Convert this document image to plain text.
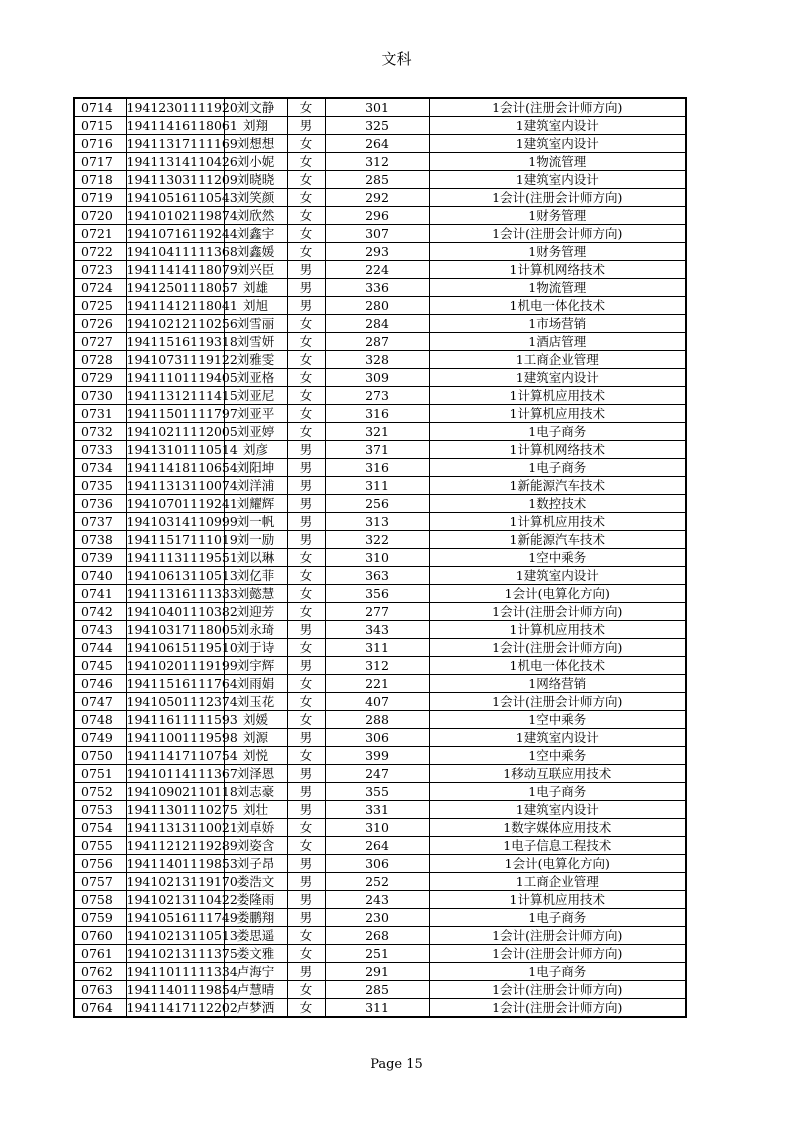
文科
0714	19412301111920	刘文静	女	301	1会计(注册会计师方向)
0715	19411416118061	刘翔	男	325	1建筑室内设计
0716	19411317111169	刘想想	女	264	1建筑室内设计
0717	19411314110426	刘小妮	女	312	1物流管理
0718	19411303111209	刘晓晓	女	285	1建筑室内设计
0719	19410516110543	刘笑颜	女	292	1会计(注册会计师方向)
0720	19410102119874	刘欣然	女	296	1财务管理
0721	19410716119244	刘鑫宇	女	307	1会计(注册会计师方向)
0722	19410411111368	刘鑫媛	女	293	1财务管理
0723	19411414118079	刘兴臣	男	224	1计算机网络技术
0724	19412501118057	刘雄	男	336	1物流管理
0725	19411412118041	刘旭	男	280	1机电一体化技术
0726	19410212110256	刘雪丽	女	284	1市场营销
0727	19411516119318	刘雪妍	女	287	1酒店管理
0728	19410731119122	刘雅雯	女	328	1工商企业管理
0729	19411101119405	刘亚格	女	309	1建筑室内设计
0730	19411312111415	刘亚尼	女	273	1计算机应用技术
0731	19411501111797	刘亚平	女	316	1计算机应用技术
0732	19410211112005	刘亚婷	女	321	1电子商务
0733	19413101110514	刘彦	男	371	1计算机网络技术
0734	19411418110654	刘阳坤	男	316	1电子商务
0735	19411313110074	刘洋浦	男	311	1新能源汽车技术
0736	19410701119241	刘耀辉	男	256	1数控技术
0737	19410314110999	刘一帆	男	313	1计算机应用技术
0738	19411517111019	刘一励	男	322	1新能源汽车技术
0739	19411131119551	刘以琳	女	310	1空中乘务
0740	19410613110513	刘亿菲	女	363	1建筑室内设计
0741	19411316111333	刘懿慧	女	356	1会计(电算化方向)
0742	19410401110382	刘迎芳	女	277	1会计(注册会计师方向)
0743	19410317118005	刘永琦	男	343	1计算机应用技术
0744	19410615119510	刘于诗	女	311	1会计(注册会计师方向)
0745	19410201119199	刘宇辉	男	312	1机电一体化技术
0746	19411516111764	刘雨娟	女	221	1网络营销
0747	19410501112374	刘玉花	女	407	1会计(注册会计师方向)
0748	19411611111593	刘媛	女	288	1空中乘务
0749	19411001119598	刘源	男	306	1建筑室内设计
0750	19411417110754	刘悦	女	399	1空中乘务
0751	19410114111367	刘泽恩	男	247	1移动互联应用技术
0752	19410902110118	刘志豪	男	355	1电子商务
0753	19411301110275	刘壮	男	331	1建筑室内设计
0754	19411313110021	刘卓娇	女	310	1数字媒体应用技术
0755	19411212119289	刘姿含	女	264	1电子信息工程技术
0756	19411401119853	刘子昂	男	306	1会计(电算化方向)
0757	19410213119170	娄浩文	男	252	1工商企业管理
0758	19410213110422	娄隆雨	男	243	1计算机应用技术
0759	19410516111749	娄鹏翔	男	230	1电子商务
0760	19410213110513	娄思遥	女	268	1会计(注册会计师方向)
0761	19410213111375	娄文雅	女	251	1会计(注册会计师方向)
0762	19411011111334	卢海宁	男	291	1电子商务
0763	19411401119854	卢慧晴	女	285	1会计(注册会计师方向)
0764	19411417112202	卢梦洒	女	311	1会计(注册会计师方向)
Page 15
